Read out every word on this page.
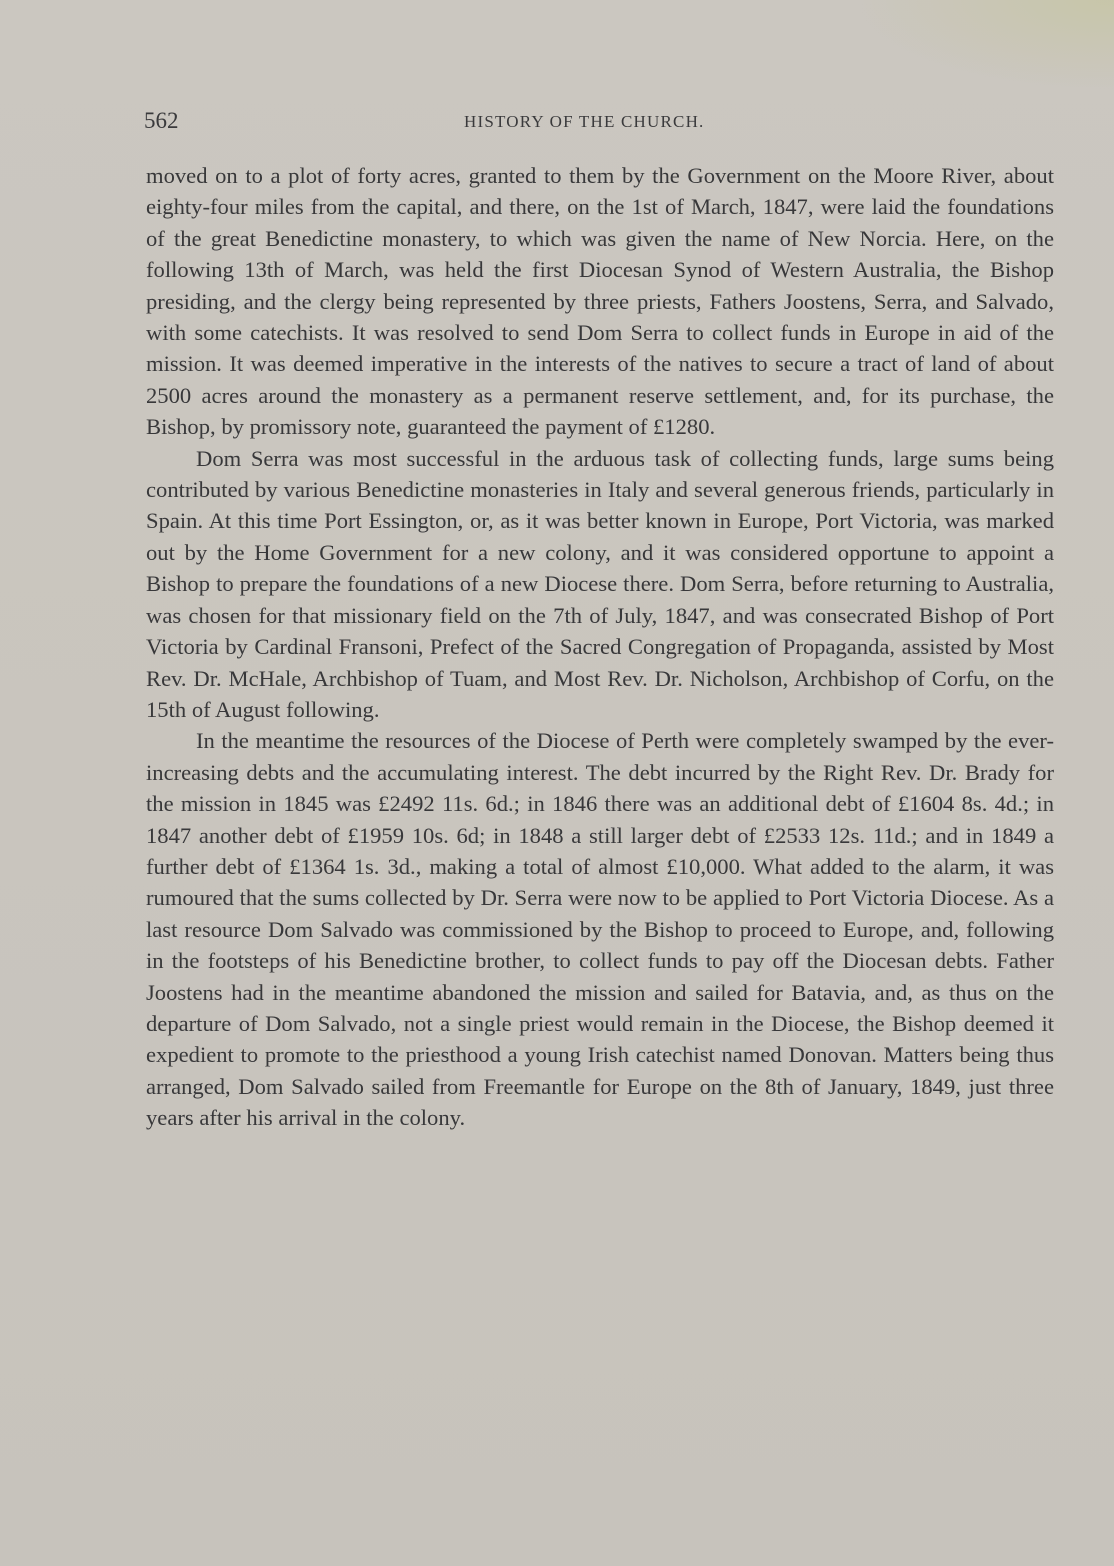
562	HISTORY OF THE CHURCH.

moved on to a plot of forty acres, granted to them by the Government on the Moore River, about eighty-four miles from the capital, and there, on the 1st of March, 1847, were laid the foundations of the great Benedictine monastery, to which was given the name of New Norcia. Here, on the following 13th of March, was held the first Diocesan Synod of Western Australia, the Bishop presiding, and the clergy being represented by three priests, Fathers Joostens, Serra, and Salvado, with some catechists. It was resolved to send Dom Serra to collect funds in Europe in aid of the mission. It was deemed imperative in the interests of the natives to secure a tract of land of about 2500 acres around the monastery as a permanent reserve settlement, and, for its purchase, the Bishop, by promissory note, guaranteed the payment of £1280.

Dom Serra was most successful in the arduous task of collecting funds, large sums being contributed by various Benedictine monasteries in Italy and several generous friends, particularly in Spain. At this time Port Essington, or, as it was better known in Europe, Port Victoria, was marked out by the Home Government for a new colony, and it was considered opportune to appoint a Bishop to prepare the foundations of a new Diocese there. Dom Serra, before returning to Australia, was chosen for that missionary field on the 7th of July, 1847, and was consecrated Bishop of Port Victoria by Cardinal Fransoni, Prefect of the Sacred Congregation of Propaganda, assisted by Most Rev. Dr. McHale, Archbishop of Tuam, and Most Rev. Dr. Nicholson, Archbishop of Corfu, on the 15th of August following.

In the meantime the resources of the Diocese of Perth were completely swamped by the ever-increasing debts and the accumulating interest. The debt incurred by the Right Rev. Dr. Brady for the mission in 1845 was £2492 11s. 6d.; in 1846 there was an additional debt of £1604 8s. 4d.; in 1847 another debt of £1959 10s. 6d; in 1848 a still larger debt of £2533 12s. 11d.; and in 1849 a further debt of £1364 1s. 3d., making a total of almost £10,000. What added to the alarm, it was rumoured that the sums collected by Dr. Serra were now to be applied to Port Victoria Diocese. As a last resource Dom Salvado was commissioned by the Bishop to proceed to Europe, and, following in the footsteps of his Benedictine brother, to collect funds to pay off the Diocesan debts. Father Joostens had in the meantime abandoned the mission and sailed for Batavia, and, as thus on the departure of Dom Salvado, not a single priest would remain in the Diocese, the Bishop deemed it expedient to promote to the priesthood a young Irish catechist named Donovan. Matters being thus arranged, Dom Salvado sailed from Freemantle for Europe on the 8th of January, 1849, just three years after his arrival in the colony.
